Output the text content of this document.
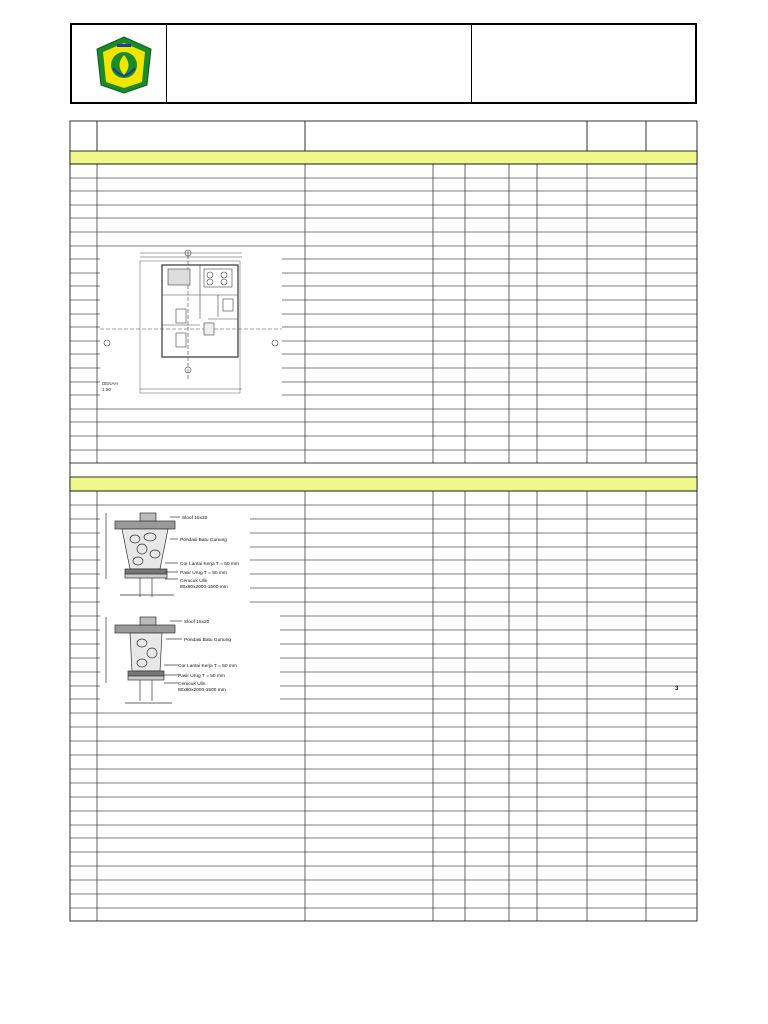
DENAH
1:50
Sloof 15x20
Pondasi Batu Gunung
Cor Lantai Kerja T = 50 mm
Pasir Urug T = 50 mm
Cerucuk Ulin
80x80x2000-1500 mm
Sloof 15x20
Pondasi Batu Gunung
Cor Lantai Kerja T = 50 mm
Pasir Urug T = 50 mm
Cerucuk Ulin
80x80x2000-1500 mm	3
